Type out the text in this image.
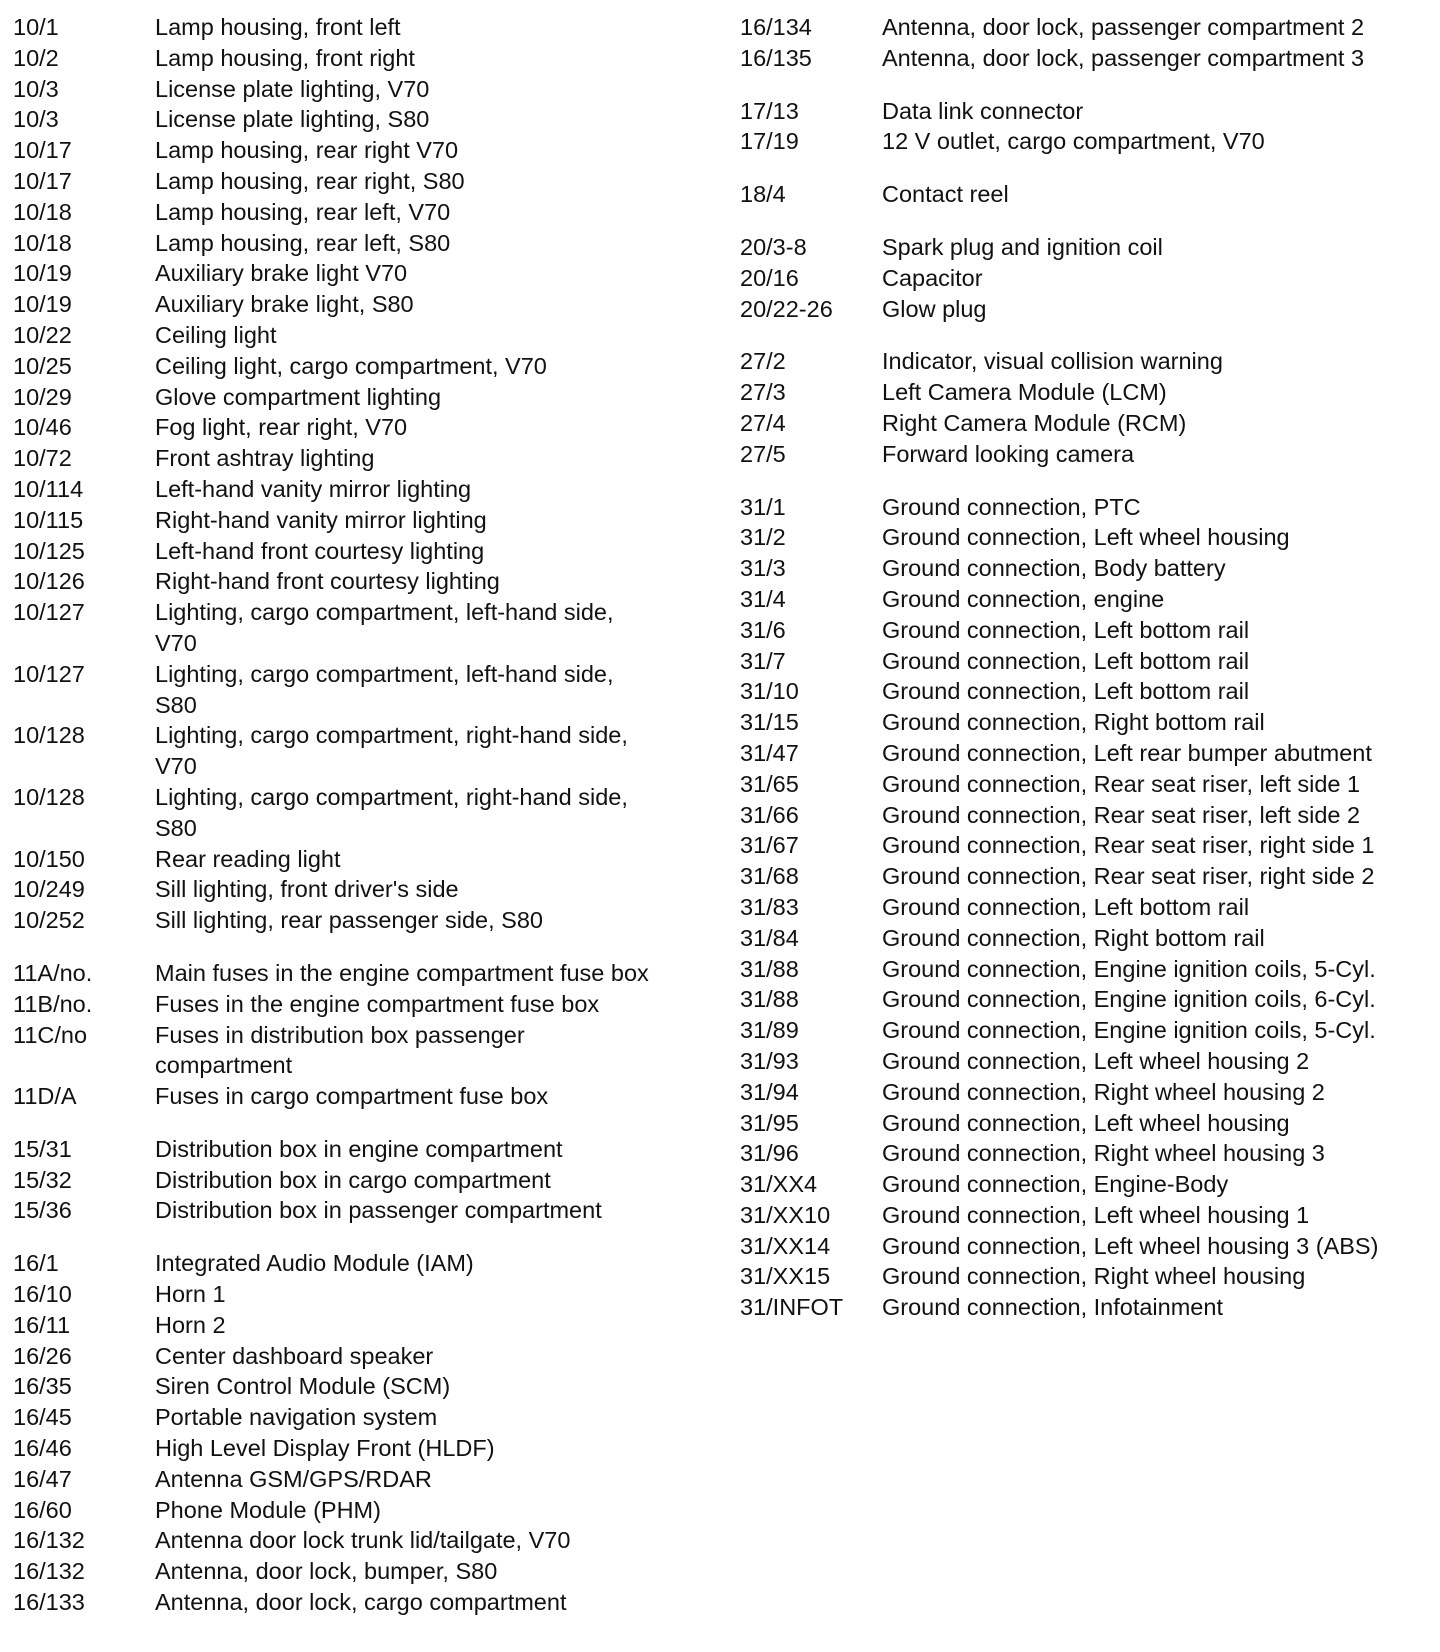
10/1	Lamp housing, front left
10/2	Lamp housing, front right
10/3	License plate lighting, V70
10/3	License plate lighting, S80
10/17	Lamp housing, rear right V70
10/17	Lamp housing, rear right, S80
10/18	Lamp housing, rear left, V70
10/18	Lamp housing, rear left, S80
10/19	Auxiliary brake light V70
10/19	Auxiliary brake light, S80
10/22	Ceiling light
10/25	Ceiling light, cargo compartment, V70
10/29	Glove compartment lighting
10/46	Fog light, rear right, V70
10/72	Front ashtray lighting
10/114	Left-hand vanity mirror lighting
10/115	Right-hand vanity mirror lighting
10/125	Left-hand front courtesy lighting
10/126	Right-hand front courtesy lighting
10/127	Lighting, cargo compartment, left-hand side, V70
10/127	Lighting, cargo compartment, left-hand side, S80
10/128	Lighting, cargo compartment, right-hand side, V70
10/128	Lighting, cargo compartment, right-hand side, S80
10/150	Rear reading light
10/249	Sill lighting, front driver's side
10/252	Sill lighting, rear passenger side, S80
11A/no.	Main fuses in the engine compartment fuse box
11B/no.	Fuses in the engine compartment fuse box
11C/no	Fuses in distribution box passenger compartment
11D/A	Fuses in cargo compartment fuse box
15/31	Distribution box in engine compartment
15/32	Distribution box in cargo compartment
15/36	Distribution box in passenger compartment
16/1	Integrated Audio Module (IAM)
16/10	Horn 1
16/11	Horn 2
16/26	Center dashboard speaker
16/35	Siren Control Module (SCM)
16/45	Portable navigation system
16/46	High Level Display Front (HLDF)
16/47	Antenna GSM/GPS/RDAR
16/60	Phone Module (PHM)
16/132	Antenna door lock trunk lid/tailgate, V70
16/132	Antenna, door lock, bumper, S80
16/133	Antenna, door lock, cargo compartment
16/134	Antenna, door lock, passenger compartment 2
16/135	Antenna, door lock, passenger compartment 3
17/13	Data link connector
17/19	12 V outlet, cargo compartment, V70
18/4	Contact reel
20/3-8	Spark plug and ignition coil
20/16	Capacitor
20/22-26	Glow plug
27/2	Indicator, visual collision warning
27/3	Left Camera Module (LCM)
27/4	Right Camera Module (RCM)
27/5	Forward looking camera
31/1	Ground connection, PTC
31/2	Ground connection, Left wheel housing
31/3	Ground connection, Body battery
31/4	Ground connection, engine
31/6	Ground connection, Left bottom rail
31/7	Ground connection, Left bottom rail
31/10	Ground connection, Left bottom rail
31/15	Ground connection, Right bottom rail
31/47	Ground connection, Left rear bumper abutment
31/65	Ground connection, Rear seat riser, left side 1
31/66	Ground connection, Rear seat riser, left side 2
31/67	Ground connection, Rear seat riser, right side 1
31/68	Ground connection, Rear seat riser, right side 2
31/83	Ground connection, Left bottom rail
31/84	Ground connection, Right bottom rail
31/88	Ground connection, Engine ignition coils, 5-Cyl.
31/88	Ground connection, Engine ignition coils, 6-Cyl.
31/89	Ground connection, Engine ignition coils, 5-Cyl.
31/93	Ground connection, Left wheel housing 2
31/94	Ground connection, Right wheel housing 2
31/95	Ground connection, Left wheel housing
31/96	Ground connection, Right wheel housing 3
31/XX4	Ground connection, Engine-Body
31/XX10	Ground connection, Left wheel housing 1
31/XX14	Ground connection, Left wheel housing 3 (ABS)
31/XX15	Ground connection, Right wheel housing
31/INFOT	Ground connection, Infotainment
